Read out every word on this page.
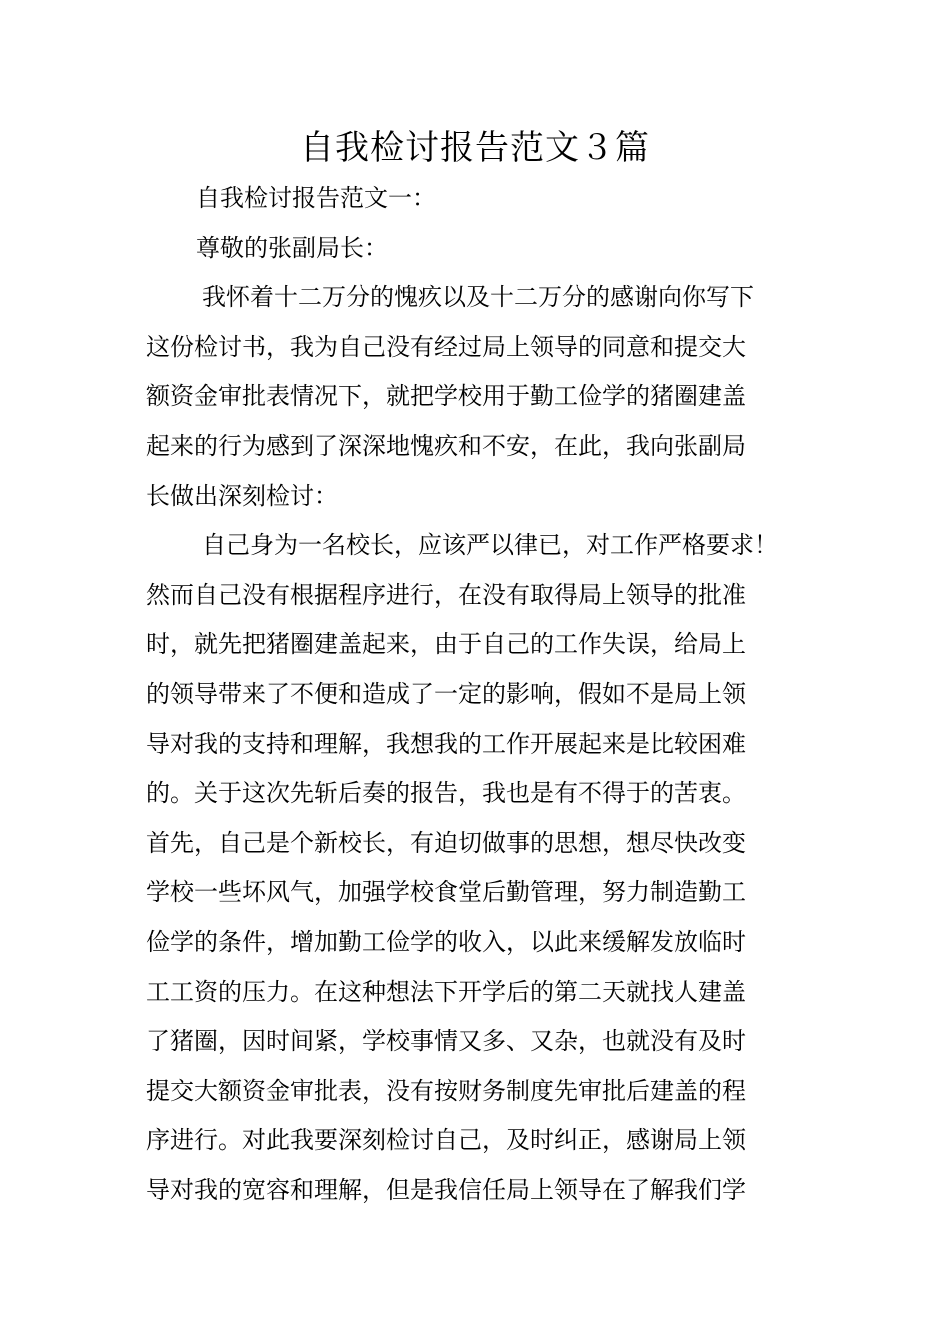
自我检讨报告范文３篇
自我检讨报告范文一：
尊敬的张副局长：
我怀着十二万分的愧疚以及十二万分的感谢向你写下
这份检讨书，我为自己没有经过局上领导的同意和提交大
额资金审批表情况下，就把学校用于勤工俭学的猪圈建盖
起来的行为感到了深深地愧疚和不安，在此，我向张副局
长做出深刻检讨：
自己身为一名校长，应该严以律已，对工作严格要求！
然而自己没有根据程序进行，在没有取得局上领导的批准
时，就先把猪圈建盖起来，由于自己的工作失误，给局上
的领导带来了不便和造成了一定的影响，假如不是局上领
导对我的支持和理解，我想我的工作开展起来是比较困难
的。关于这次先斩后奏的报告，我也是有不得于的苦衷。
首先，自己是个新校长，有迫切做事的思想，想尽快改变
学校一些坏风气，加强学校食堂后勤管理，努力制造勤工
俭学的条件，增加勤工俭学的收入，以此来缓解发放临时
工工资的压力。在这种想法下开学后的第二天就找人建盖
了猪圈，因时间紧，学校事情又多、又杂，也就没有及时
提交大额资金审批表，没有按财务制度先审批后建盖的程
序进行。对此我要深刻检讨自己，及时纠正，感谢局上领
导对我的宽容和理解，但是我信任局上领导在了解我们学
